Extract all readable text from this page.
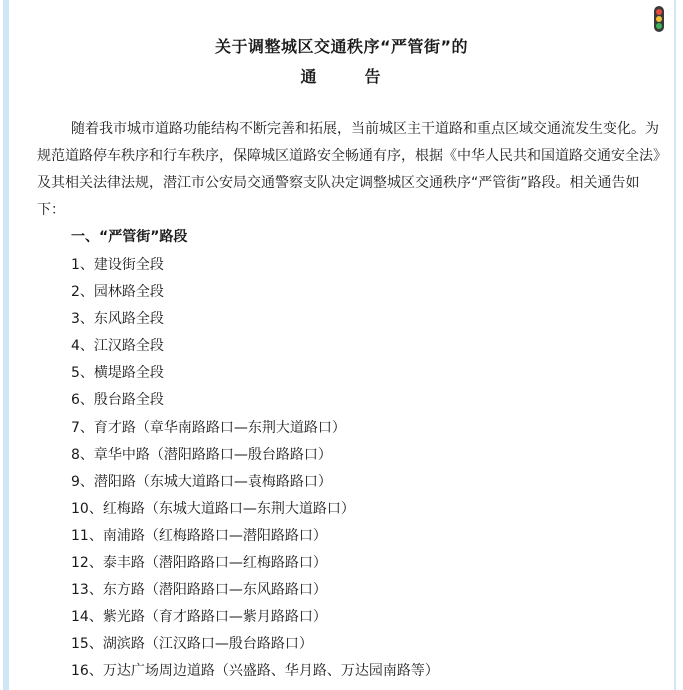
关于调整城区交通秩序“严管街”的
通	告

随着我市城市道路功能结构不断完善和拓展，当前城区主干道路和重点区域交通流发生变化。为规范道路停车秩序和行车秩序，保障城区道路安全畅通有序，根据《中华人民共和国道路交通安全法》及其相关法律法规，潜江市公安局交通警察支队决定调整城区交通秩序“严管街”路段。相关通告如下：

一、“严管街”路段
1、建设街全段
2、园林路全段
3、东风路全段
4、江汉路全段
5、横堤路全段
6、殷台路全段
7、育才路（章华南路路口—东荆大道路口）
8、章华中路（潜阳路路口—殷台路路口）
9、潜阳路（东城大道路口—袁梅路路口）
10、红梅路（东城大道路口—东荆大道路口）
11、南浦路（红梅路路口—潜阳路路口）
12、泰丰路（潜阳路路口—红梅路路口）
13、东方路（潜阳路路口—东风路路口）
14、紫光路（育才路路口—紫月路路口）
15、湖滨路（江汉路口—殷台路路口）
16、万达广场周边道路（兴盛路、华月路、万达园南路等）
